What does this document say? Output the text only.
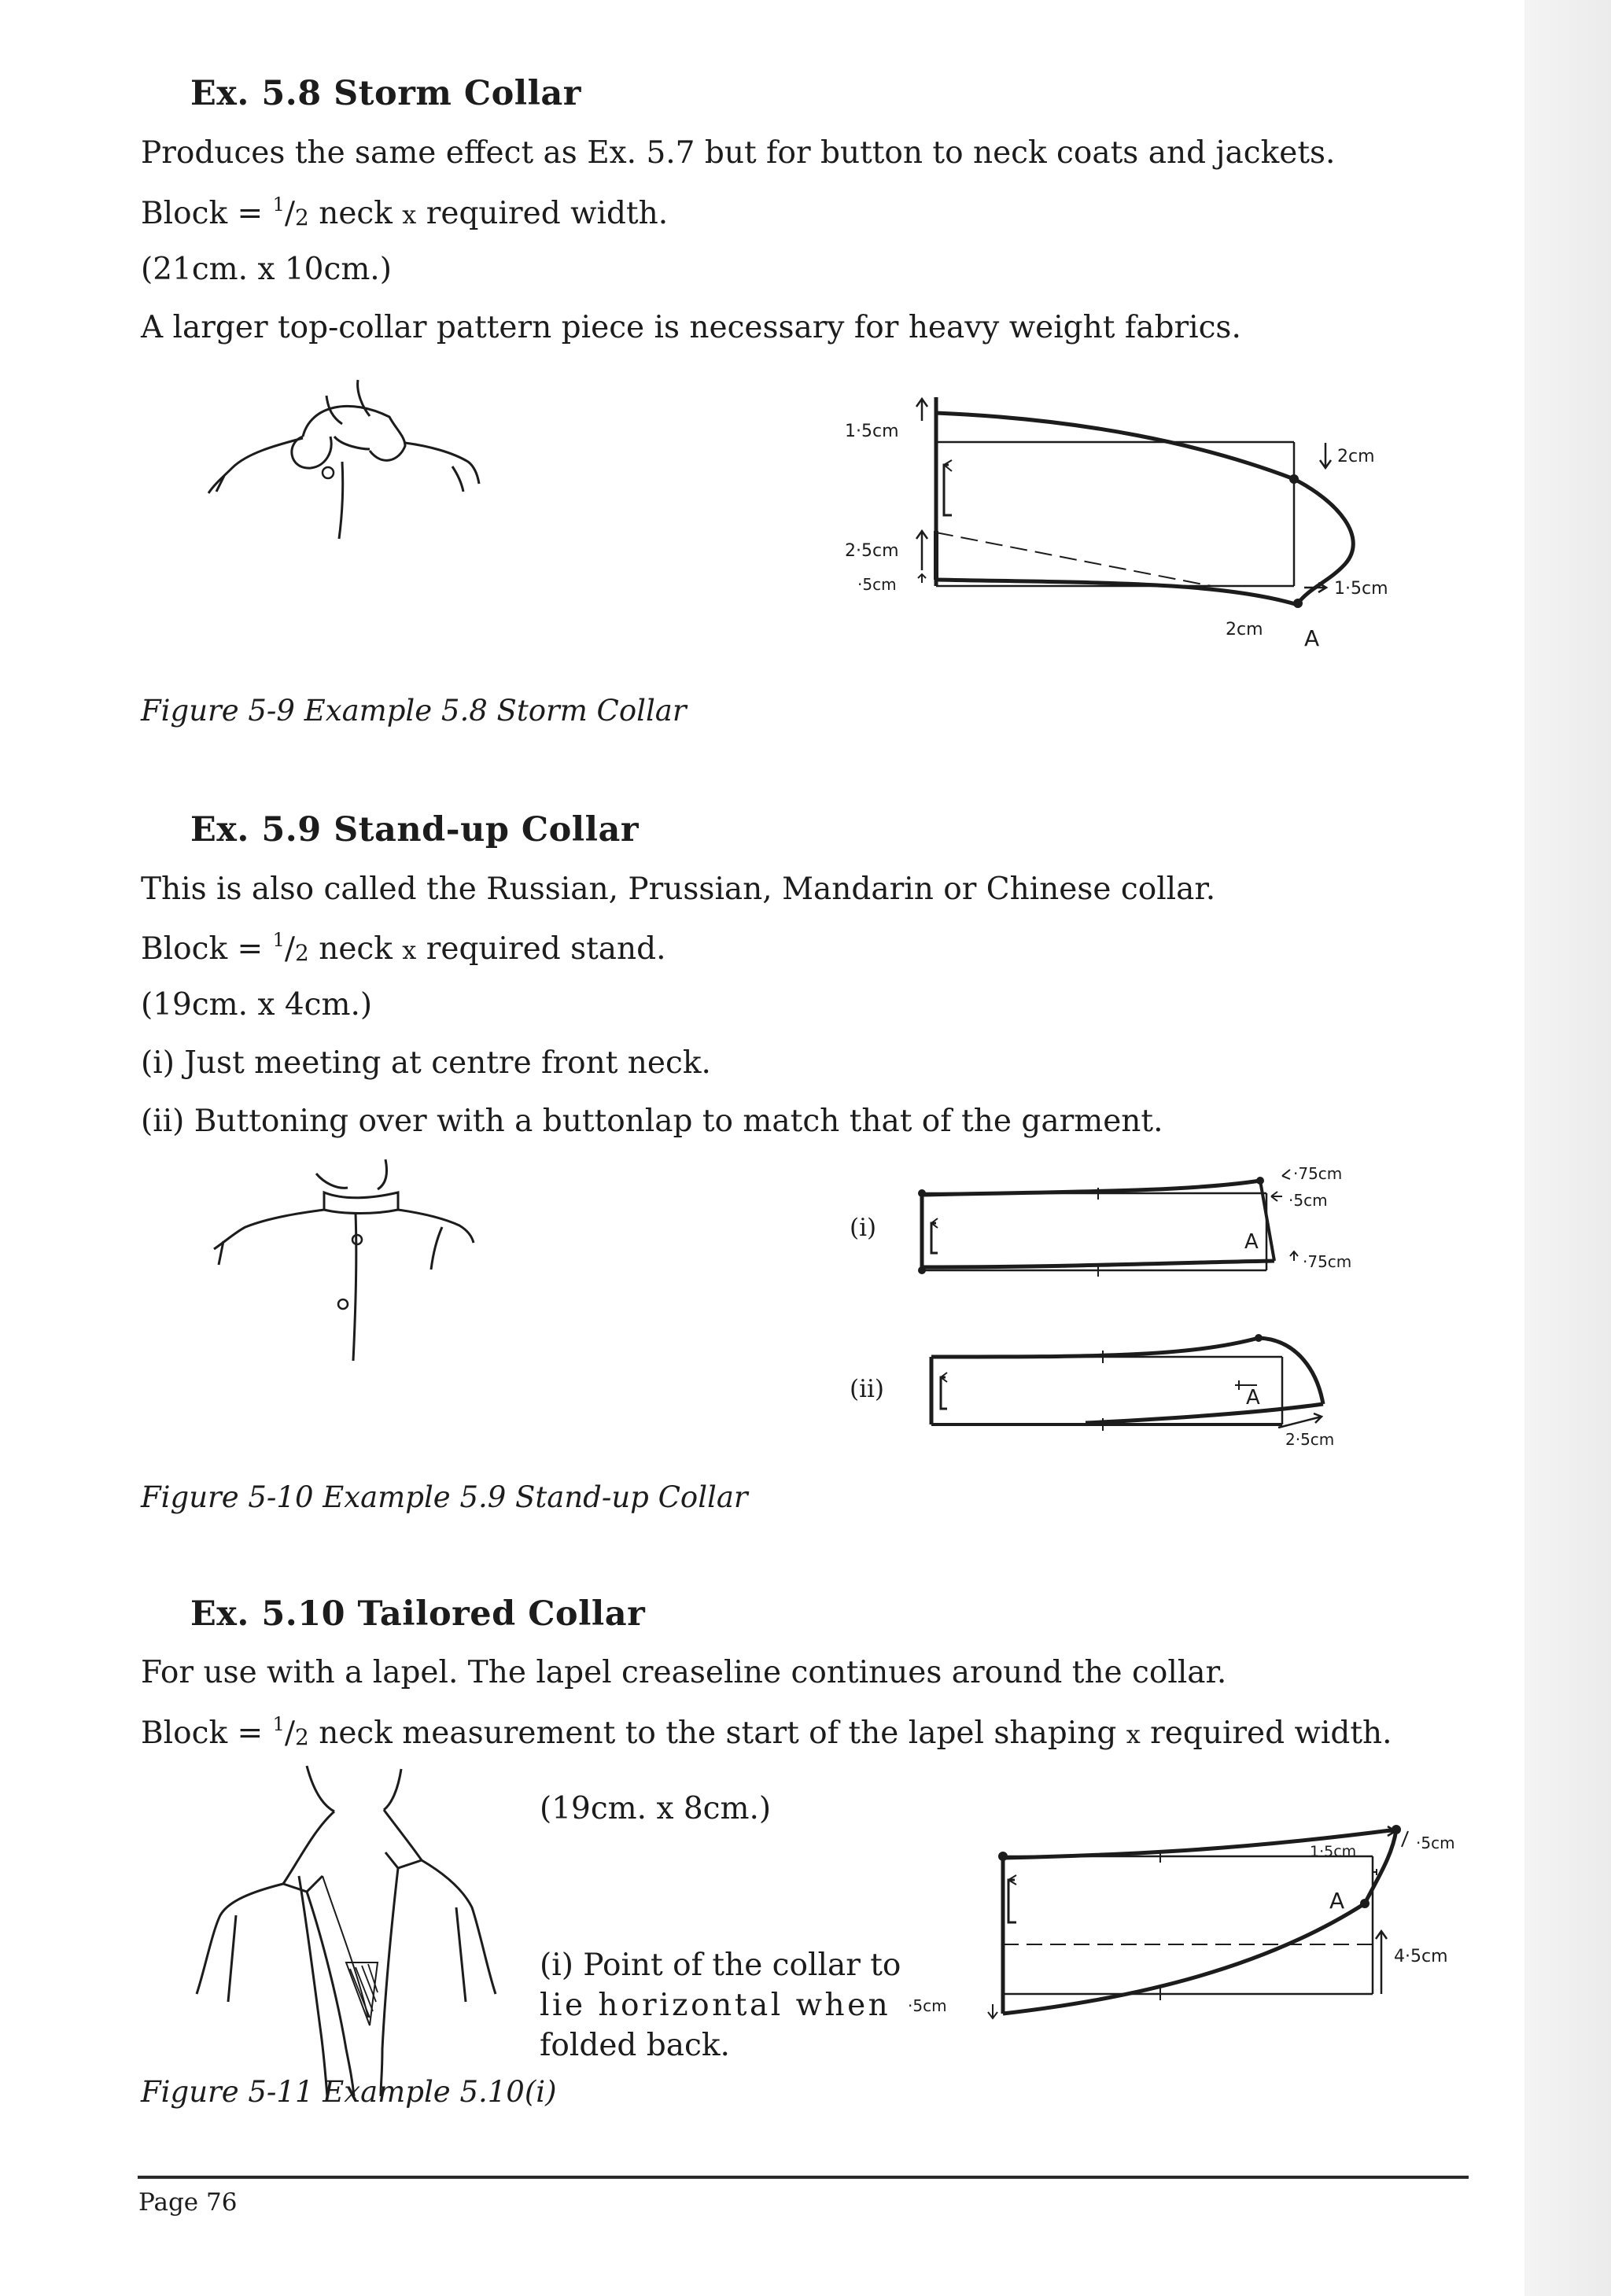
Ex. 5.8 Storm Collar
Produces the same effect as Ex. 5.7 but for button to neck coats and jackets.
Block = $^1/_2$ neck x required width.
(21cm. x 10cm.)
A larger top-collar pattern piece is necessary for heavy weight fabrics.
1·5cm
2cm
2·5cm
·5cm	1·5cm
2cm A
Figure 5-9 Example 5.8 Storm Collar
Ex. 5.9 Stand-up Collar
This is also called the Russian, Prussian, Mandarin or Chinese collar.
Block = $^1/_2$ neck x required stand.
(19cm. x 4cm.)
(i) Just meeting at centre front neck.
(ii) Buttoning over with a buttonlap to match that of the garment.
(i)
·75cm
·5cm
·75cm
A
(ii)
2·5cm
A
Figure 5-10 Example 5.9 Stand-up Collar
Ex. 5.10 Tailored Collar
For use with a lapel. The lapel creaseline continues around the collar.
Block = $^1/_2$ neck measurement to the start of the lapel shaping x required width.
(19cm. x 8cm.)
(i) Point of the collar to
lie horizontal when
folded back.
1·5cm	·5cm
4·5cm
A
·5cm
Figure 5-11 Example 5.10(i)
Page 76
